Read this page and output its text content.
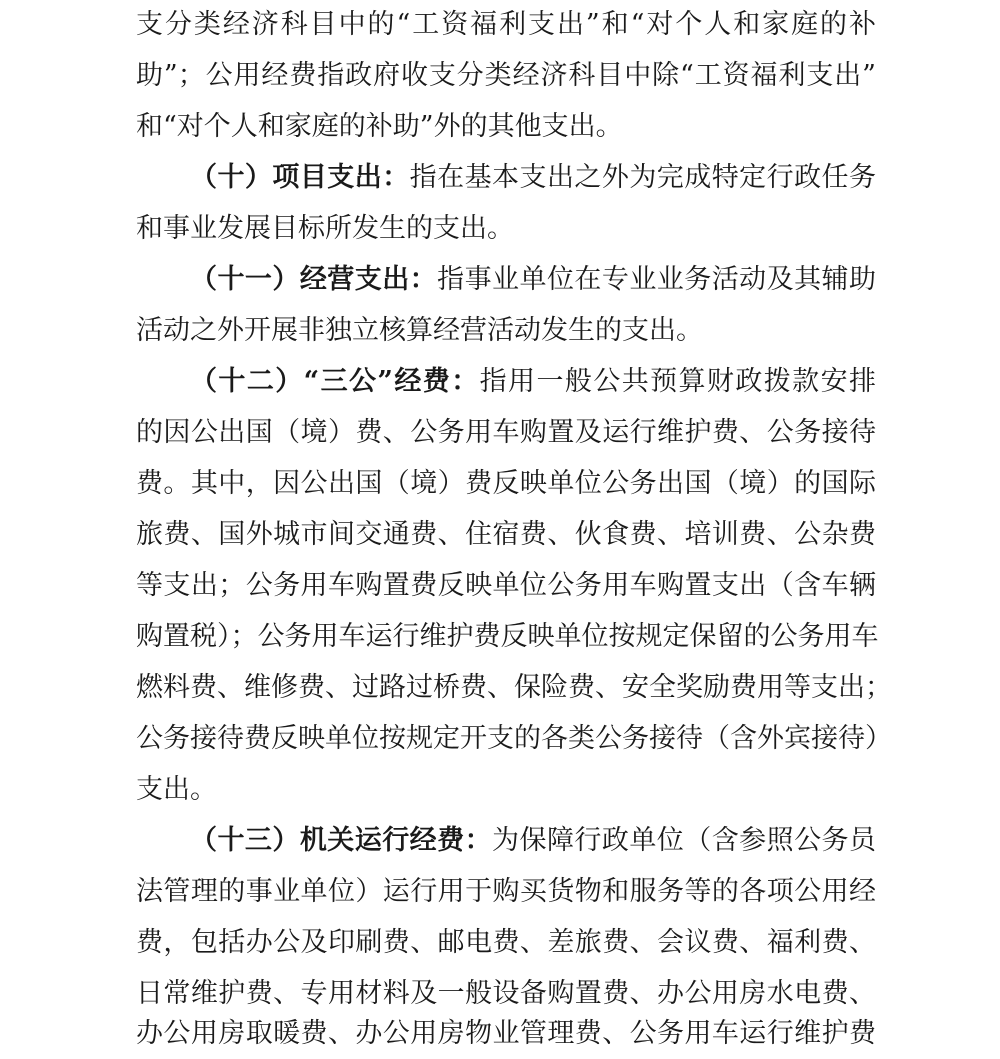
支分类经济科目中的“工资福利支出”和“对个人和家庭的补
助”；公用经费指政府收支分类经济科目中除“工资福利支出”
和“对个人和家庭的补助”外的其他支出。
（十）项目支出：指在基本支出之外为完成特定行政任务
和事业发展目标所发生的支出。
（十一）经营支出：指事业单位在专业业务活动及其辅助
活动之外开展非独立核算经营活动发生的支出。
（十二）“三公”经费：指用一般公共预算财政拨款安排
的因公出国（境）费、公务用车购置及运行维护费、公务接待
费。其中，因公出国（境）费反映单位公务出国（境）的国际
旅费、国外城市间交通费、住宿费、伙食费、培训费、公杂费
等支出；公务用车购置费反映单位公务用车购置支出（含车辆
购置税）；公务用车运行维护费反映单位按规定保留的公务用车
燃料费、维修费、过路过桥费、保险费、安全奖励费用等支出；
公务接待费反映单位按规定开支的各类公务接待（含外宾接待）
支出。
（十三）机关运行经费：为保障行政单位（含参照公务员
法管理的事业单位）运行用于购买货物和服务等的各项公用经
费，包括办公及印刷费、邮电费、差旅费、会议费、福利费、
日常维护费、专用材料及一般设备购置费、办公用房水电费、
办公用房取暖费、办公用房物业管理费、公务用车运行维护费
